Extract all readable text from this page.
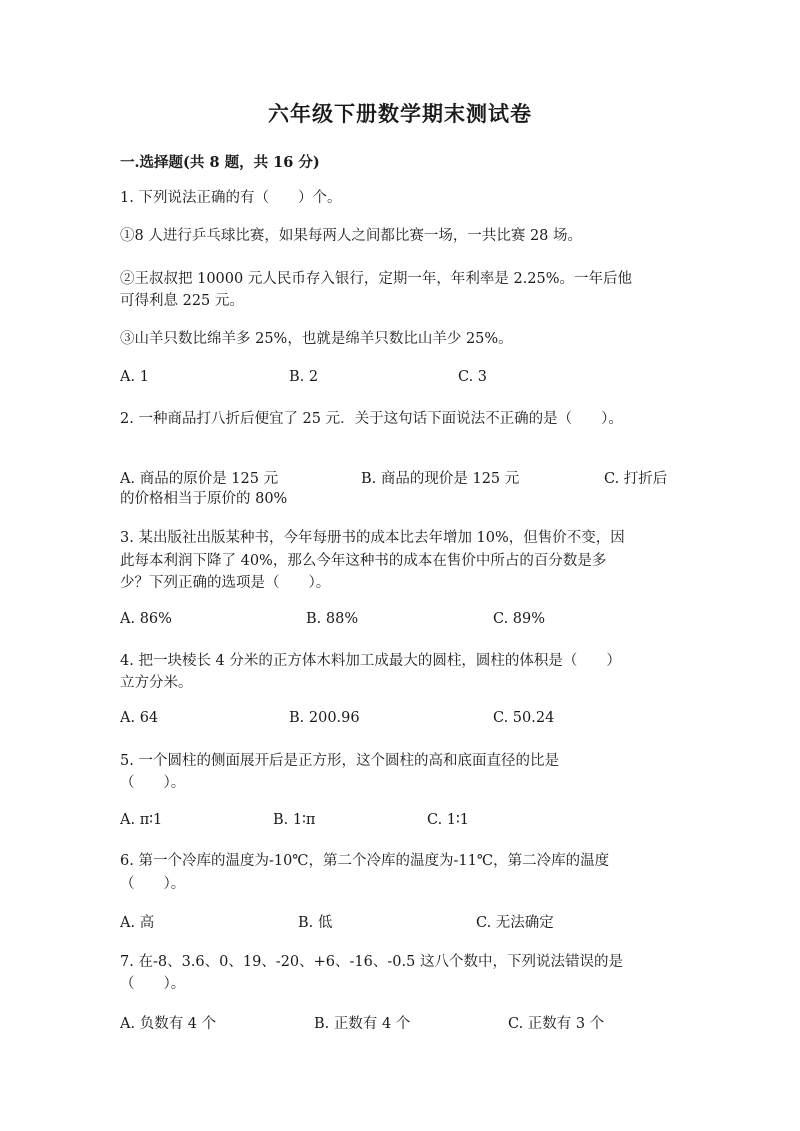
六年级下册数学期末测试卷
一.选择题(共 8 题，共 16 分)
1. 下列说法正确的有（　　）个。
①8 人进行乒乓球比赛，如果每两人之间都比赛一场，一共比赛 28 场。
②王叔叔把 10000 元人民币存入银行，定期一年，年利率是 2.25%。一年后他
可得利息 225 元。
③山羊只数比绵羊多 25%，也就是绵羊只数比山羊少 25%。
A. 1	B. 2	C. 3
2. 一种商品打八折后便宜了 25 元．关于这句话下面说法不正确的是（　　）。
A. 商品的原价是 125 元	B. 商品的现价是 125 元	C. 打折后
的价格相当于原价的 80%
3. 某出版社出版某种书，今年每册书的成本比去年增加 10%，但售价不变，因
此每本利润下降了 40%，那么今年这种书的成本在售价中所占的百分数是多
少？下列正确的选项是（　　）。
A. 86%	B. 88%	C. 89%
4. 把一块棱长 4 分米的正方体木料加工成最大的圆柱，圆柱的体积是（　　）
立方分米。
A. 64	B. 200.96	C. 50.24
5. 一个圆柱的侧面展开后是正方形，这个圆柱的高和底面直径的比是
（　　）。
A. π∶1	B. 1∶π	C. 1∶1
6. 第一个冷库的温度为-10℃，第二个冷库的温度为-11℃，第二冷库的温度
（　　）。
A. 高	B. 低	C. 无法确定
7. 在-8、3.6、0、19、-20、+6、-16、-0.5 这八个数中，下列说法错误的是
（　　）。
A. 负数有 4 个	B. 正数有 4 个	C. 正数有 3 个
